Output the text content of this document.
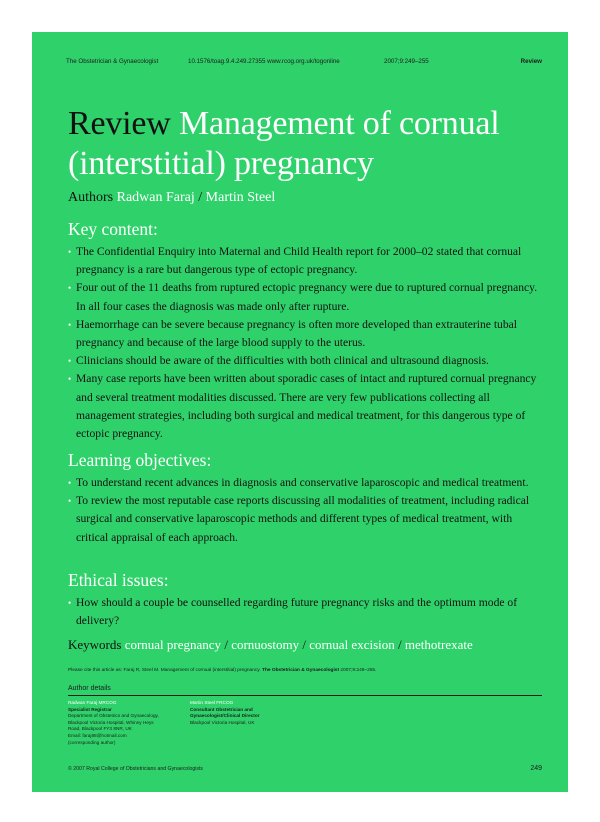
The Obstetrician & Gynaecologist	10.1576/toag.9.4.249.27355 www.rcog.org.uk/togonline	2007;9:249–255	Review
Review Management of cornual
(interstitial) pregnancy
Authors Radwan Faraj / Martin Steel
Key content:
• The Confidential Enquiry into Maternal and Child Health report for 2000–02 stated that cornual pregnancy is a rare but dangerous type of ectopic pregnancy.
• Four out of the 11 deaths from ruptured ectopic pregnancy were due to ruptured cornual pregnancy. In all four cases the diagnosis was made only after rupture.
• Haemorrhage can be severe because pregnancy is often more developed than extrauterine tubal pregnancy and because of the large blood supply to the uterus.
• Clinicians should be aware of the difficulties with both clinical and ultrasound diagnosis.
• Many case reports have been written about sporadic cases of intact and ruptured cornual pregnancy and several treatment modalities discussed. There are very few publications collecting all management strategies, including both surgical and medical treatment, for this dangerous type of ectopic pregnancy.
Learning objectives:
• To understand recent advances in diagnosis and conservative laparoscopic and medical treatment.
• To review the most reputable case reports discussing all modalities of treatment, including radical surgical and conservative laparoscopic methods and different types of medical treatment, with critical appraisal of each approach.
Ethical issues:
• How should a couple be counselled regarding future pregnancy risks and the optimum mode of delivery?
Keywords cornual pregnancy / cornuostomy / cornual excision / methotrexate
Please cite this article as: Faraj R, Steel M. Management of cornual (interstitial) pregnancy. The Obstetrician & Gynaecologist 2007;9:249–255.
Author details
Radwan Faraj MRCOG
Specialist Registrar
Department of Obstetrics and Gynaecology,
Blackpool Victoria Hospital, Whinny Heys
Road, Blackpool FY3 8NR, UK
Email: faraj88@hotmail.com
(corresponding author)
Martin Steel FRCOG
Consultant Obstetrician and
Gynaecologist/Clinical Director
Blackpool Victoria Hospital, UK
© 2007 Royal College of Obstetricians and Gynaecologists	249
